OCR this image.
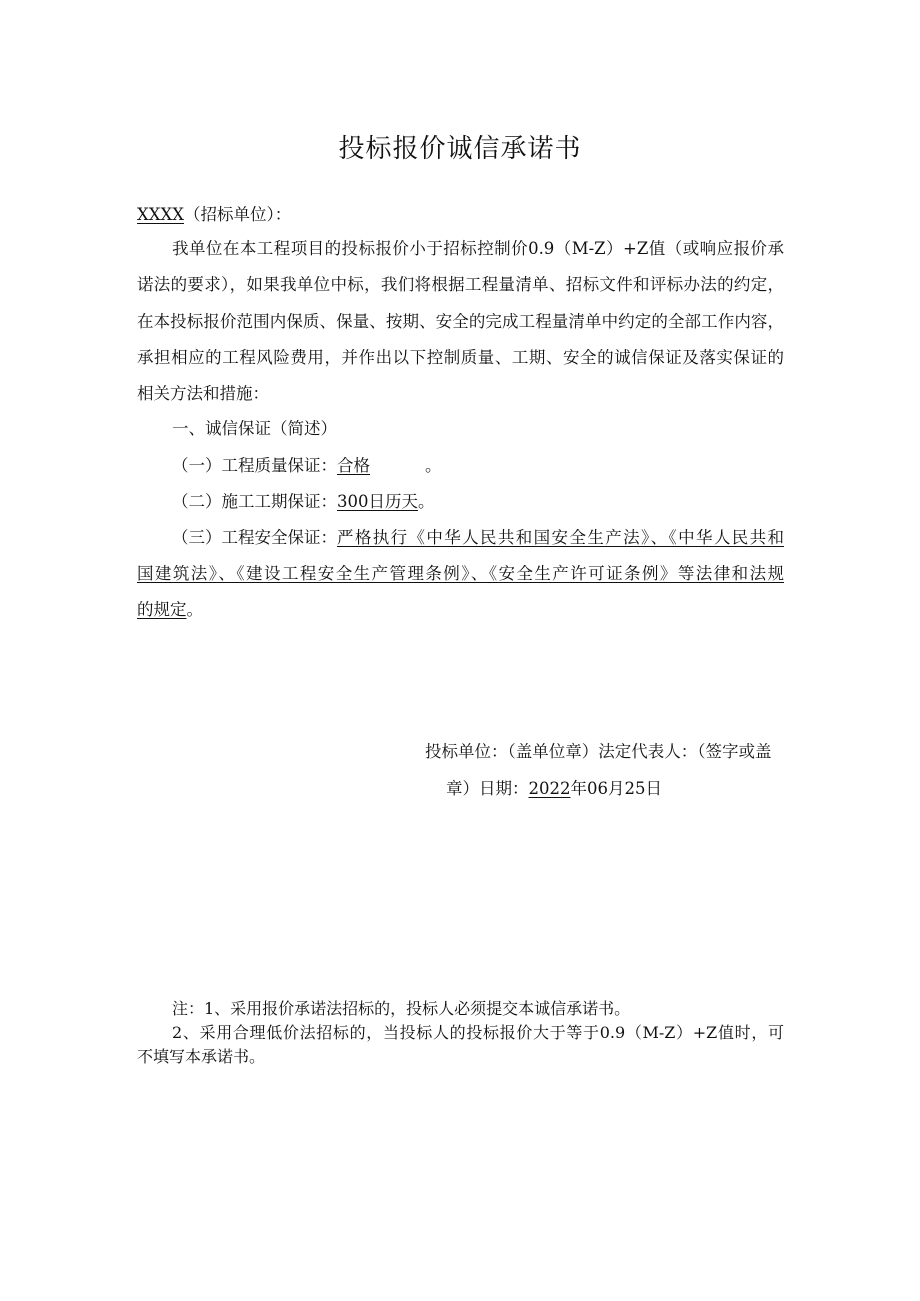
投标报价诚信承诺书
XXXX（招标单位）：
我单位在本工程项目的投标报价小于招标控制价0.9（M-Z）+Z值（或响应报价承
诺法的要求），如果我单位中标，我们将根据工程量清单、招标文件和评标办法的约定，
在本投标报价范围内保质、保量、按期、安全的完成工程量清单中约定的全部工作内容，
承担相应的工程风险费用，并作出以下控制质量、工期、安全的诚信保证及落实保证的
相关方法和措施：
一、诚信保证（简述）
（一）工程质量保证：合格	。
（二）施工工期保证：300日历天。
（三）工程安全保证： 严格执行《中华人民共和国安全生产法》、《中华人民共和
国建筑法》、《建设工程安全生产管理条例》、《安全生产许可证条例》等法律和法规
的规定。
投标单位：（盖单位章）法定代表人：（签字或盖
章）日期：2022年06月25日
注：1、采用报价承诺法招标的，投标人必须提交本诚信承诺书。
2、采用合理低价法招标的，当投标人的投标报价大于等于0.9（M-Z）+Z值时，可
不填写本承诺书。
